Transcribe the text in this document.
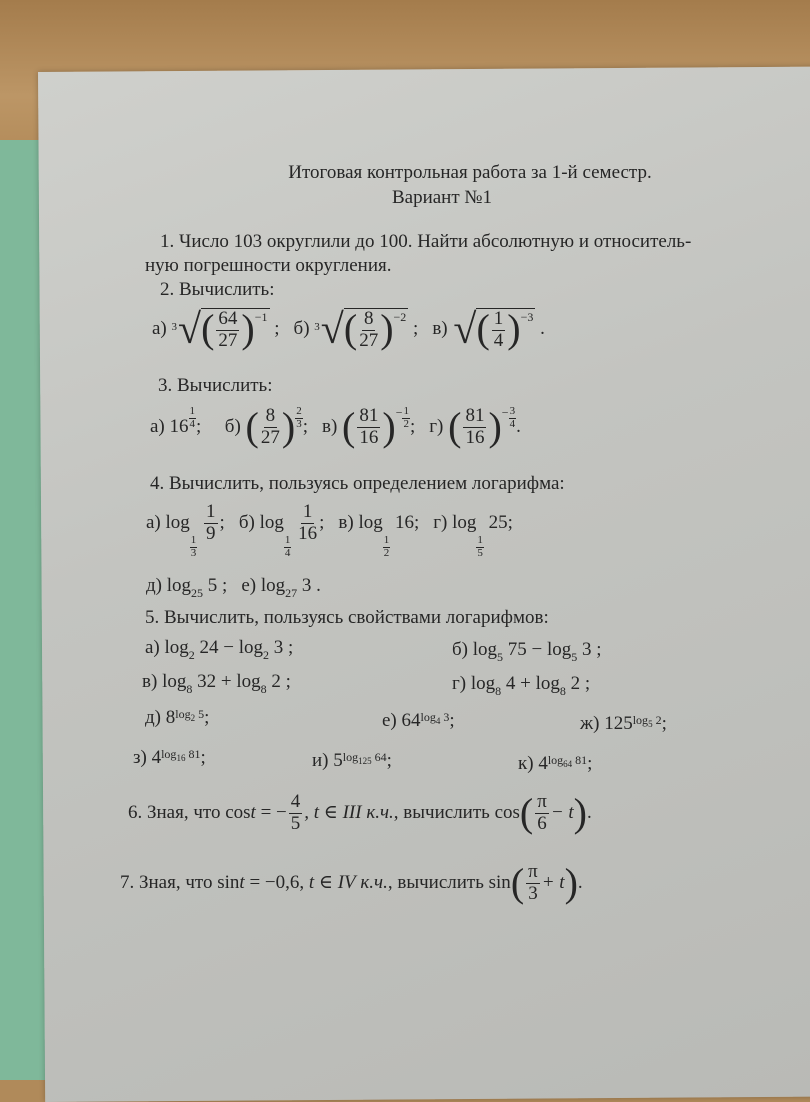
Итоговая контрольная работа за 1-й семестр.
Вариант №1
1. Число 103 округлили до 100. Найти абсолютную и относитель-
ную погрешности округления.
2. Вычислить:
а) 3 √ ( $\frac{64}{27}$ ) −1
; б) 3 √ ( $\frac{8}{27}$ ) −2
; в) √ ( $\frac{1}{4}$ ) −3
.
3. Вычислить:
а) $16 \frac{1}{4}$ ; б) ( $\frac{8}{27}$ ) $\frac{2}{3}$ ; в) ( $\frac{81}{16} )^- \frac{1}{2}$ ; г) ( $\frac{81}{16} )^- \frac{3}{4}$ .
4. Вычислить, пользуясь определением логарифма:
а) log
$\frac{1}{3}$

$\frac{1}{9}$ ; б) log
$\frac{1}{4}$

$\frac{1}{16}$ ; в) log
$\frac{1}{2}$
16; г) log
$\frac{1}{5}$
25;
д) $\log_{25} 5$ ; е) $\log_{27} 3$ .
5. Вычислить, пользуясь свойствами логарифмов:
а) $\log_2 24 - \log_2 3$ ;	б) $\log_5 75 - \log_5 3$ ;
в) $\log_8 32 + \log_8 2$ ;	г) $\log_8 4 + \log_8 2$ ;
д) $8^{log_2 5}$;	е) $64^{log_4 3}$;	ж) $125^{log_5 2}$;
з) $4^{log_{16} 81}$;	и) $5^{log_{125} 64}$;	к) $4^{log_{64} 81}$;
6. Зная, что cost = − $\frac{4}{5}$ , t ∈ III к.ч., вычислить $\cos( \frac{\pi}{6} - t)$.
7. Зная, что sint = −0,6, t ∈ IV к.ч., вычислить $\sin( \frac{\pi}{3} + t)$.
